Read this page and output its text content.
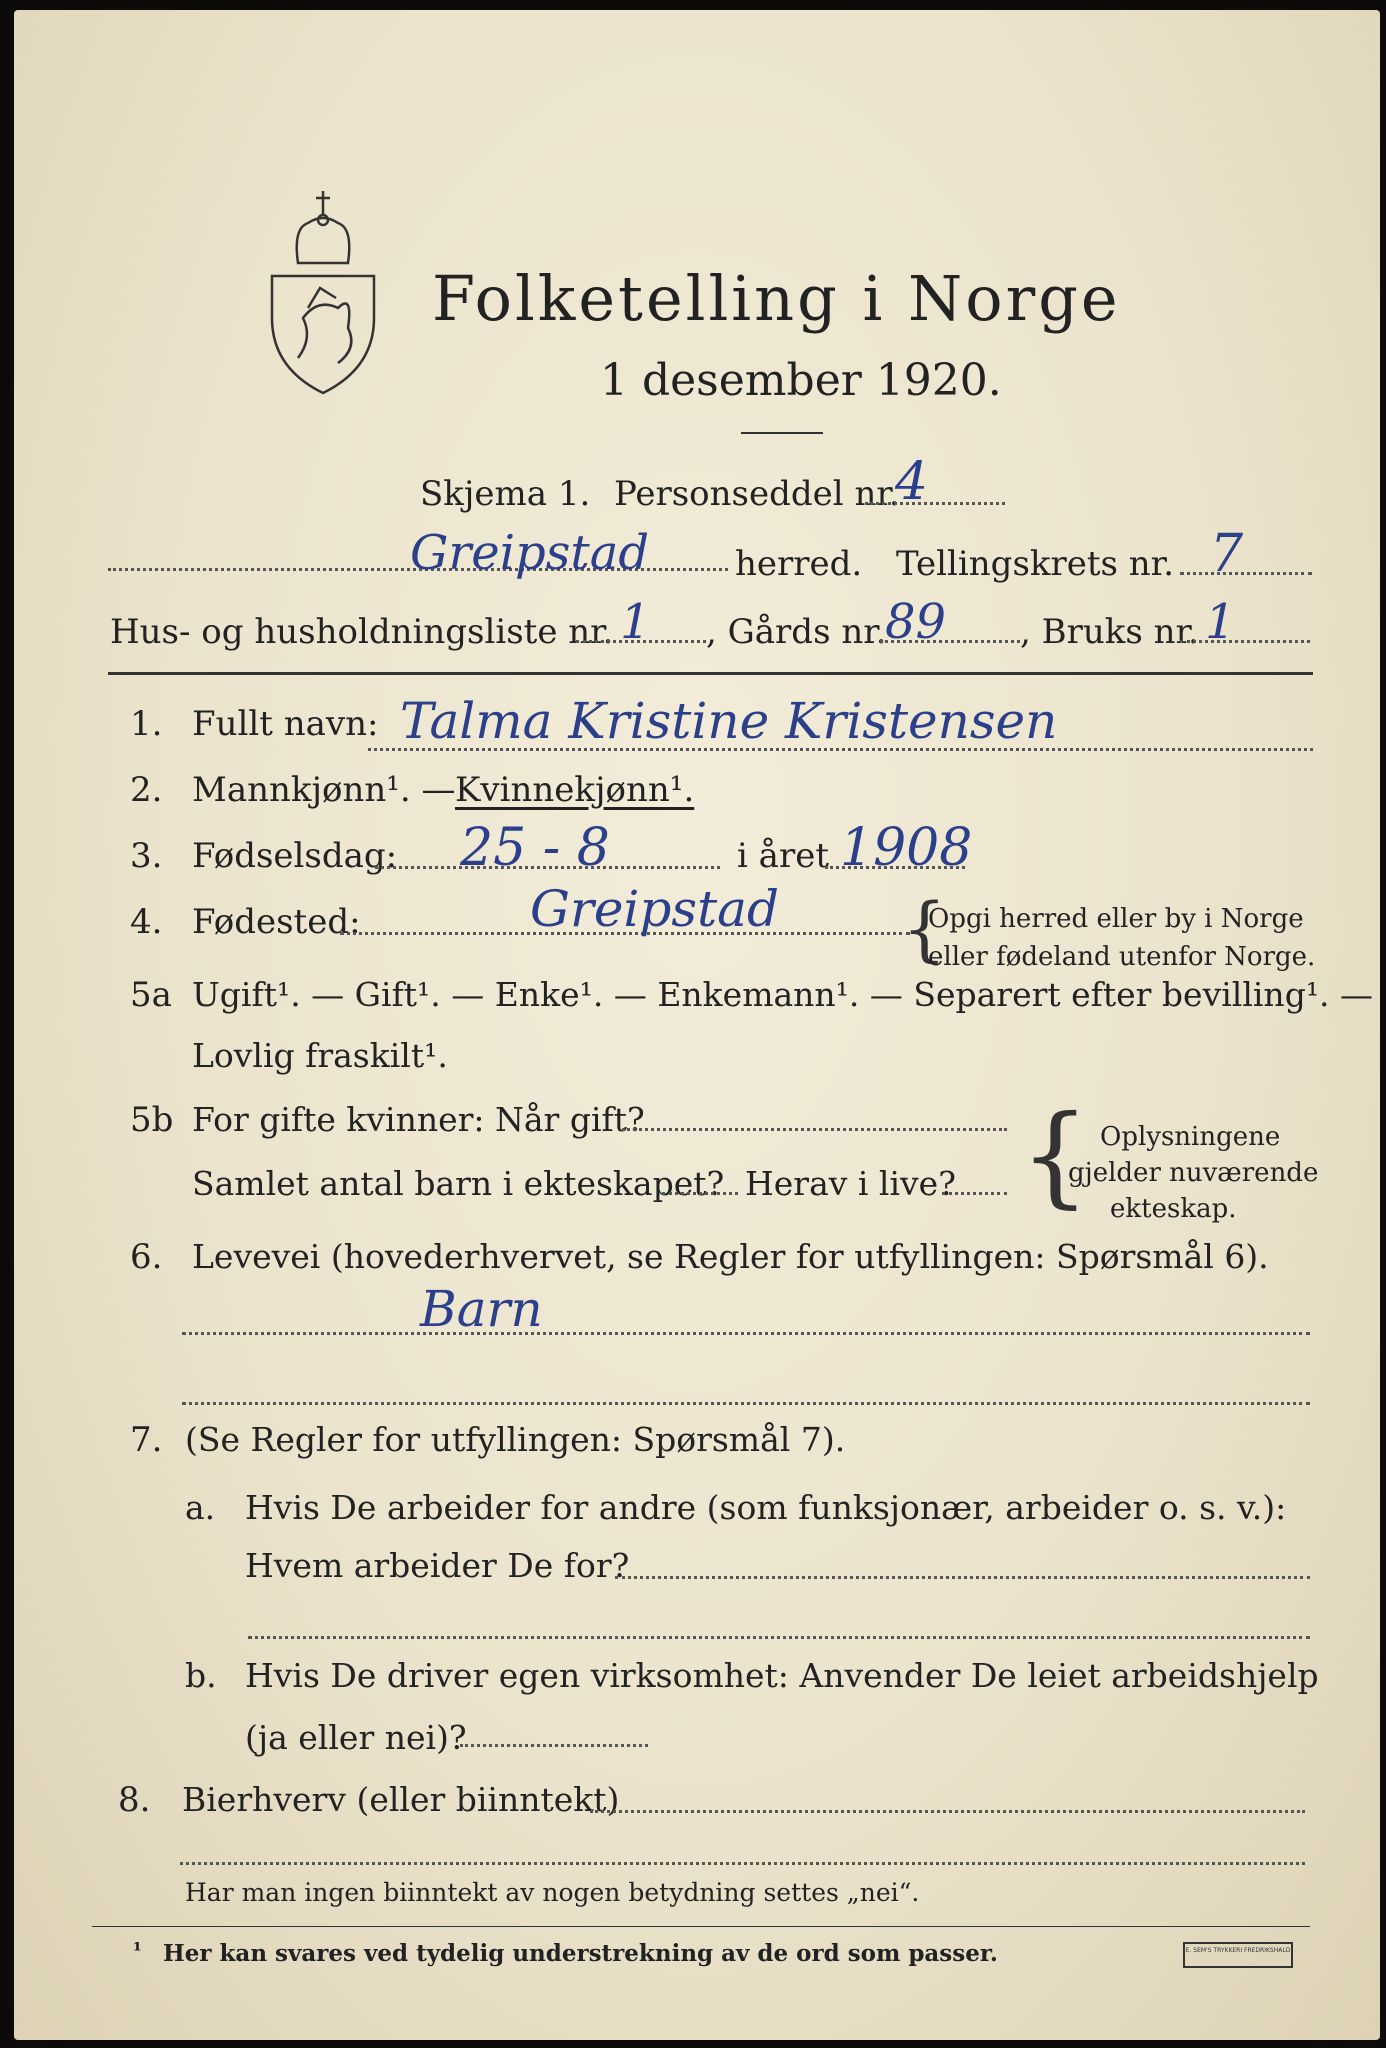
Folketelling i Norge
1 desember 1920.
Skjema 1. Personseddel nr.
4
Greipstad	herred. Tellingskrets nr. 7
Hus- og husholdningsliste nr. 1 , Gårds nr.
89 , Bruks nr. 1
1. Fullt navn: Talma Kristine Kristensen
2. Mannkjønn¹. — Kvinnekjønn¹.
3. Fødselsdag: 25 - 8	i året 1908
4. Fødested:	Greipstad {
Opgi herred eller by i Norge
eller fødeland utenfor Norge.
5a Ugift¹. — Gift¹. — Enke¹. — Enkemann¹. — Separert efter bevilling¹. —
Lovlig fraskilt¹.
5b For gifte kvinner: Når gift?
Samlet antal barn i ekteskapet? Herav i live? { Oplysningene
gjelder nuværende
ekteskap.
6. Levevei (hovederhvervet, se Regler for utfyllingen: Spørsmål 6).
Barn
7. (Se Regler for utfyllingen: Spørsmål 7).
a. Hvis De arbeider for andre (som funksjonær, arbeider o. s. v.):
Hvem arbeider De for?
b. Hvis De driver egen virksomhet: Anvender De leiet arbeidshjelp
(ja eller nei)?
8. Bierhverv (eller biinntekt)
Har man ingen biinntekt av nogen betydning settes „nei“.
¹ Her kan svares ved tydelig understrekning av de ord som passer.	E. SEM'S TRYKKERI FREDRIKSHALD
